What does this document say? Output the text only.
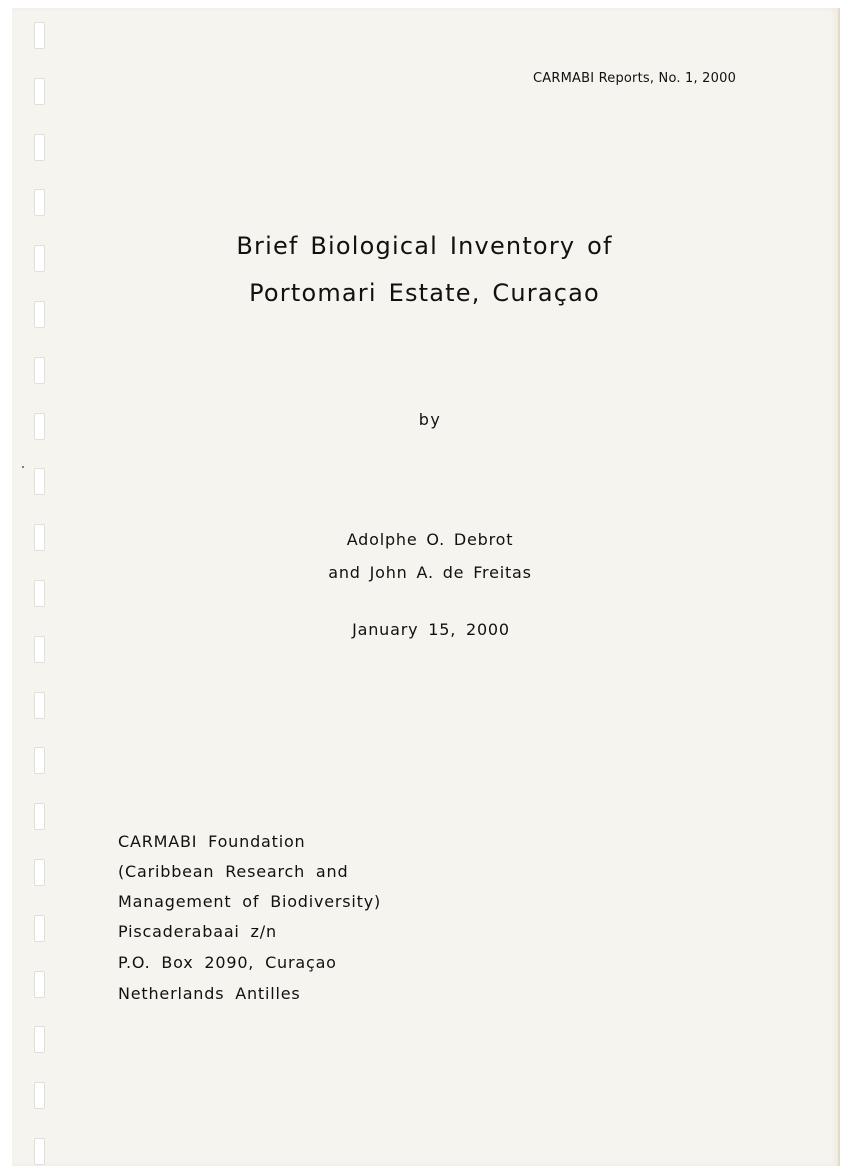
CARMABI Reports, No. 1, 2000

Brief Biological Inventory of

Portomari Estate, Curaçao

by

Adolphe O. Debrot

and John A. de Freitas

January 15, 2000

CARMABI Foundation

(Caribbean Research and

Management of Biodiversity)

Piscaderabaai z/n

P.O. Box 2090, Curaçao

Netherlands Antilles
